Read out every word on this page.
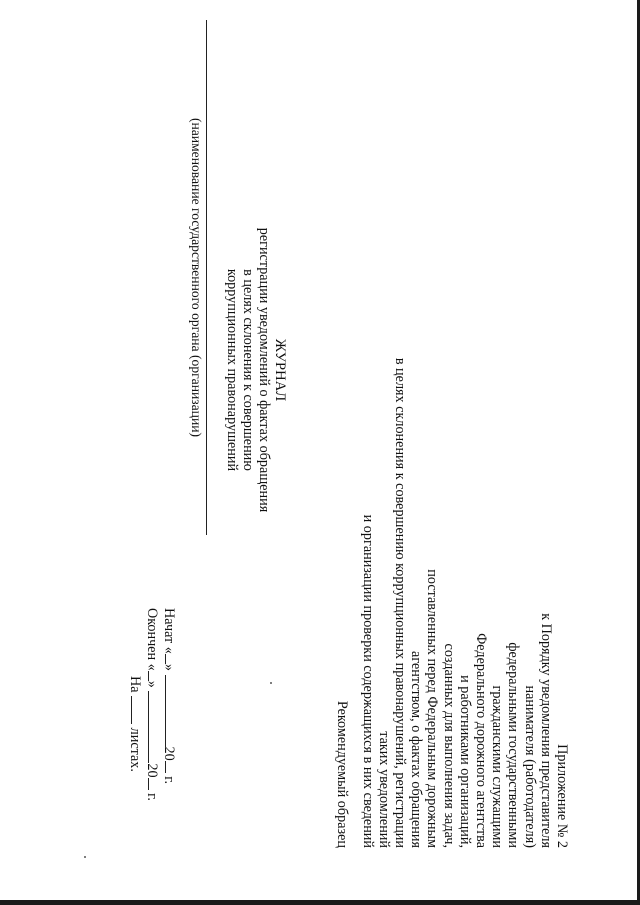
Приложение № 2
к Порядку уведомления представителя
нанимателя (работодателя)
федеральными государственными
гражданскими служащими
Федерального дорожного агентства
и работниками организаций,
созданных для выполнения задач,
поставленных перед Федеральным дорожным
агентством, о фактах обращения
в целях склонения к совершению коррупционных правонарушений, регистрации
таких уведомлений
и организации проверки содержащихся в них сведений
Рекомендуемый образец
ЖУРНАЛ
регистрации уведомлений о фактах обращения
в целях склонения к совершению
коррупционных правонарушений
(наименование государственного органа (организации)
Начат «» 20 г.
Окончен «» 20 г.
На  листах.
